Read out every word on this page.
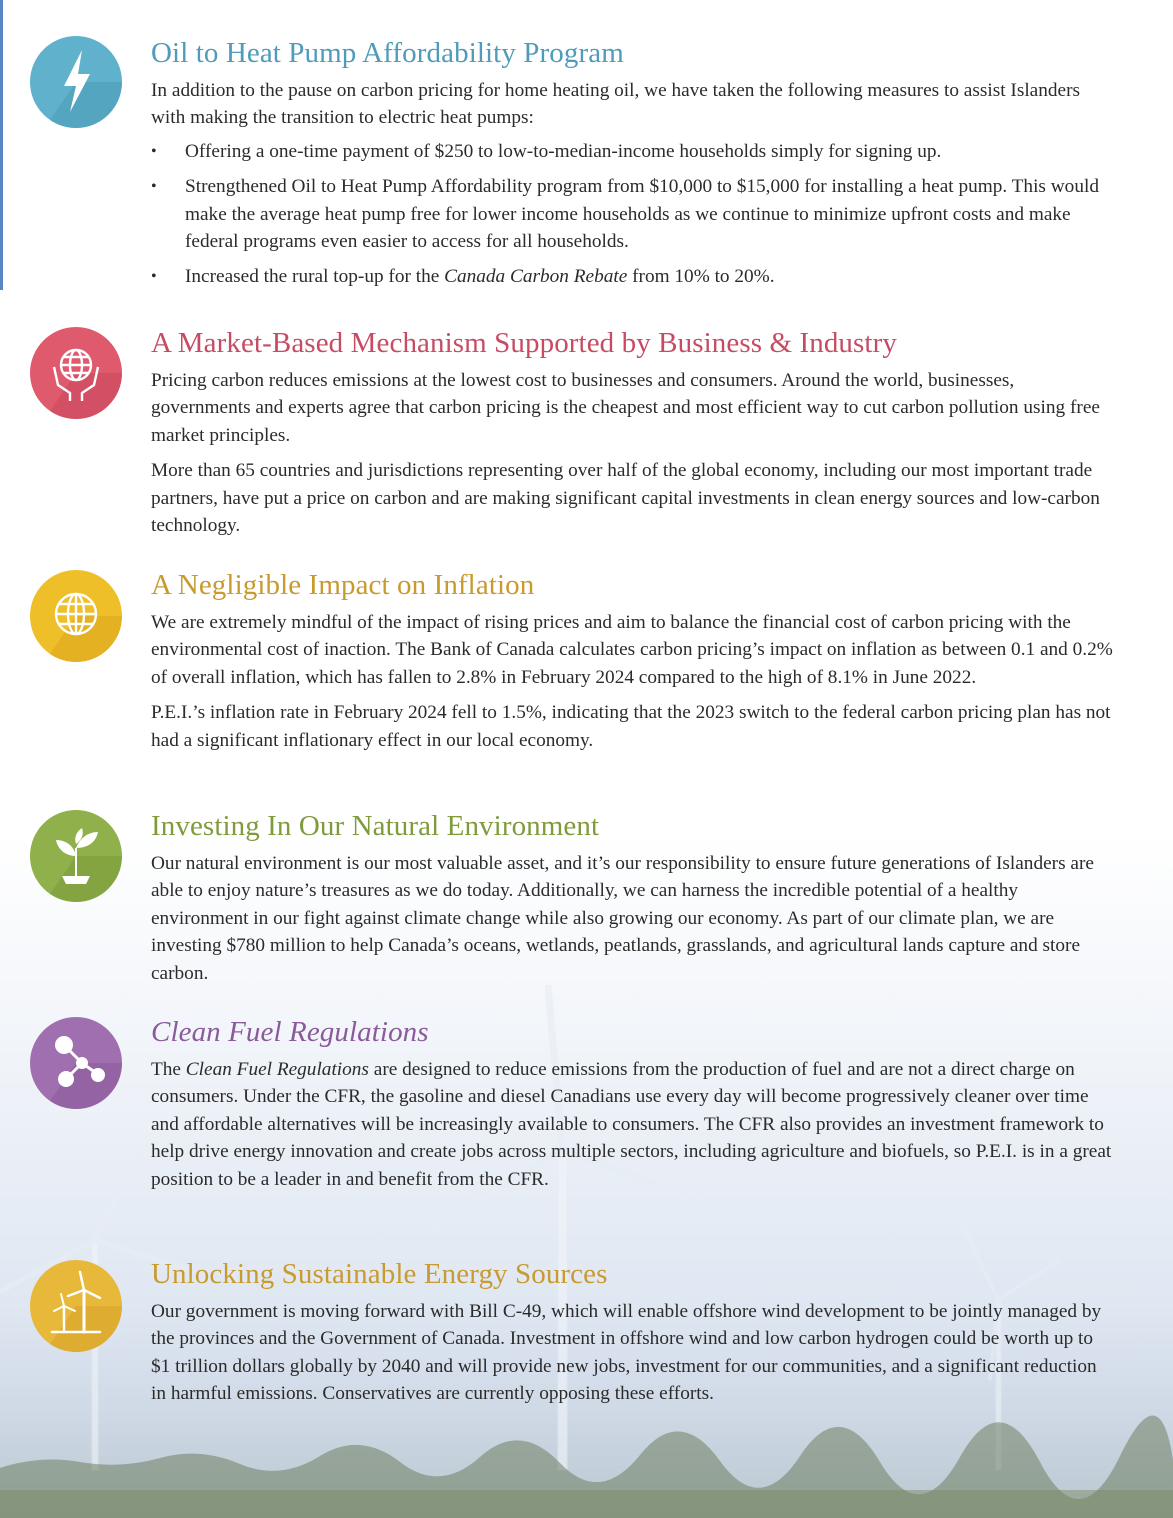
Oil to Heat Pump Affordability Program

In addition to the pause on carbon pricing for home heating oil, we have taken the following measures to assist Islanders with making the transition to electric heat pumps:

• Offering a one-time payment of $250 to low-to-median-income households simply for signing up.
• Strengthened Oil to Heat Pump Affordability program from $10,000 to $15,000 for installing a heat pump. This would make the average heat pump free for lower income households as we continue to minimize upfront costs and make federal programs even easier to access for all households.
• Increased the rural top-up for the Canada Carbon Rebate from 10% to 20%.
A Market-Based Mechanism Supported by Business & Industry

Pricing carbon reduces emissions at the lowest cost to businesses and consumers. Around the world, businesses, governments and experts agree that carbon pricing is the cheapest and most efficient way to cut carbon pollution using free market principles.

More than 65 countries and jurisdictions representing over half of the global economy, including our most important trade partners, have put a price on carbon and are making significant capital investments in clean energy sources and low-carbon technology.

A Negligible Impact on Inflation

We are extremely mindful of the impact of rising prices and aim to balance the financial cost of carbon pricing with the environmental cost of inaction. The Bank of Canada calculates carbon pricing’s impact on inflation as between 0.1 and 0.2% of overall inflation, which has fallen to 2.8% in February 2024 compared to the high of 8.1% in June 2022.

P.E.I.’s inflation rate in February 2024 fell to 1.5%, indicating that the 2023 switch to the federal carbon pricing plan has not had a significant inflationary effect in our local economy.

Investing In Our Natural Environment

Our natural environment is our most valuable asset, and it’s our responsibility to ensure future generations of Islanders are able to enjoy nature’s treasures as we do today. Additionally, we can harness the incredible potential of a healthy environment in our fight against climate change while also growing our economy. As part of our climate plan, we are investing $780 million to help Canada’s oceans, wetlands, peatlands, grasslands, and agricultural lands capture and store carbon.

Clean Fuel Regulations

The Clean Fuel Regulations are designed to reduce emissions from the production of fuel and are not a direct charge on consumers. Under the CFR, the gasoline and diesel Canadians use every day will become progressively cleaner over time and affordable alternatives will be increasingly available to consumers. The CFR also provides an investment framework to help drive energy innovation and create jobs across multiple sectors, including agriculture and biofuels, so P.E.I. is in a great position to be a leader in and benefit from the CFR.

Unlocking Sustainable Energy Sources

Our government is moving forward with Bill C-49, which will enable offshore wind development to be jointly managed by the provinces and the Government of Canada. Investment in offshore wind and low carbon hydrogen could be worth up to $1 trillion dollars globally by 2040 and will provide new jobs, investment for our communities, and a significant reduction in harmful emissions. Conservatives are currently opposing these efforts.
